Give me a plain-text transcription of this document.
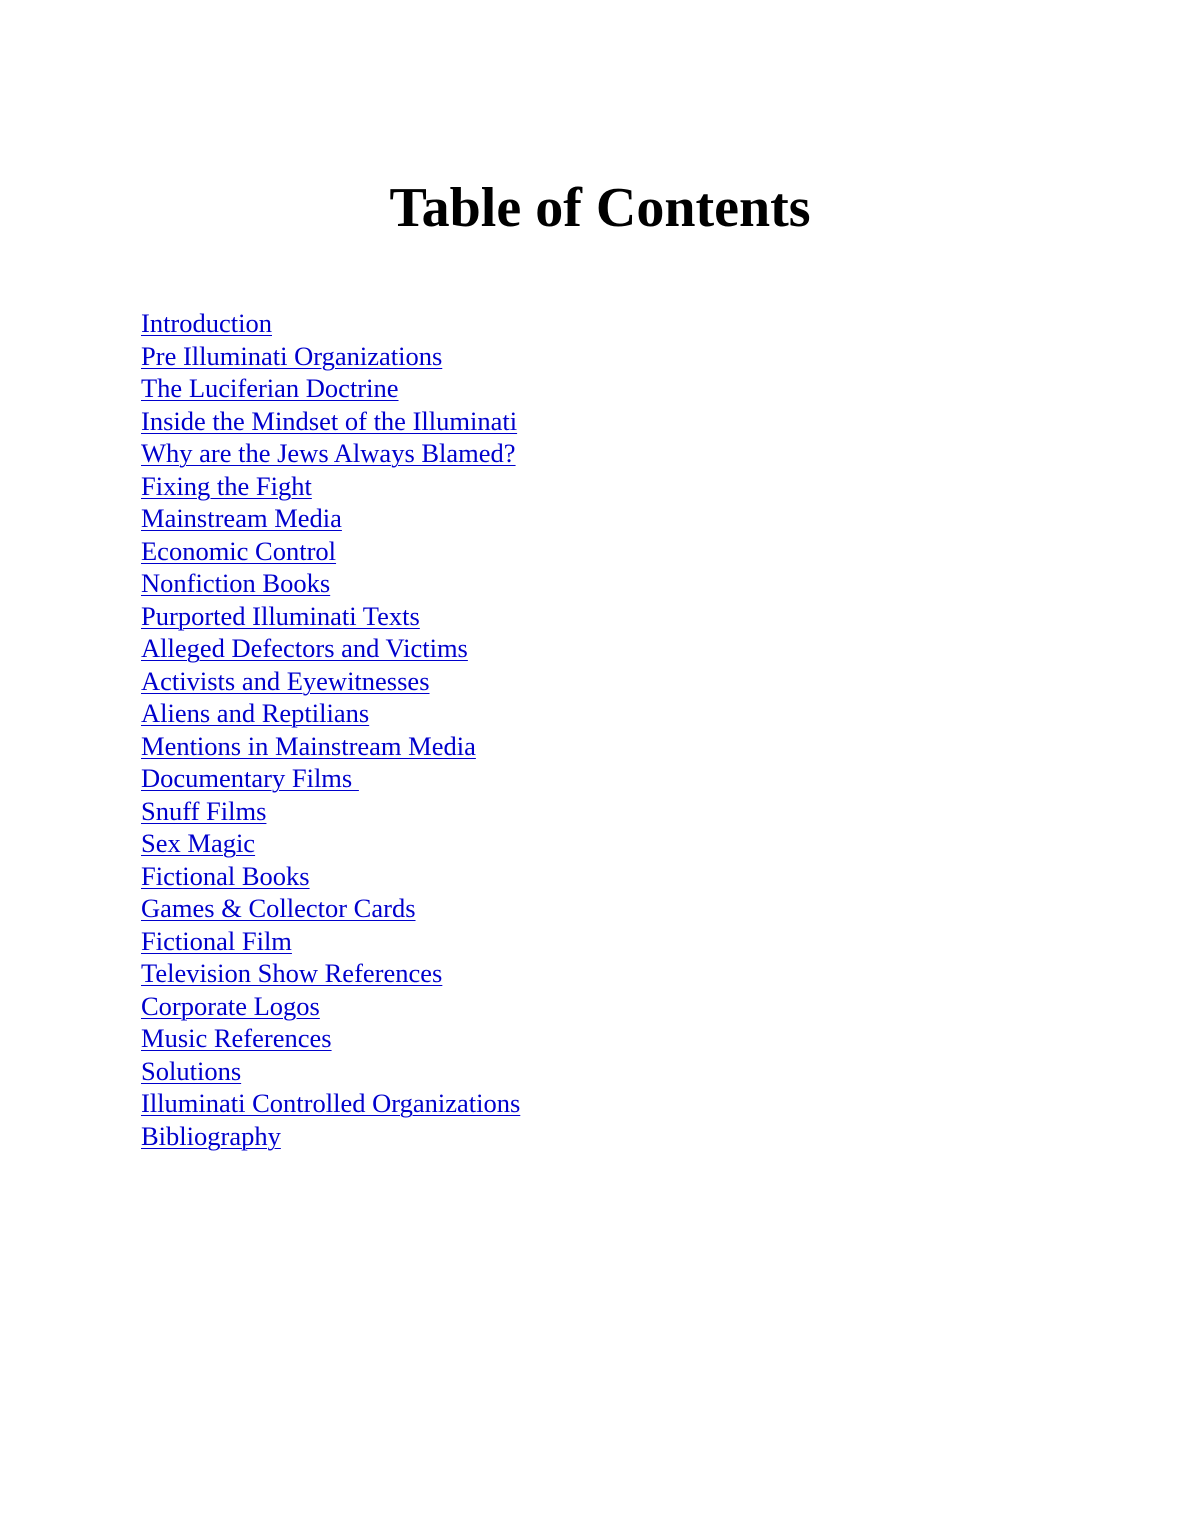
Table of Contents
Introduction
Pre Illuminati Organizations
The Luciferian Doctrine
Inside the Mindset of the Illuminati
Why are the Jews Always Blamed?
Fixing the Fight
Mainstream Media
Economic Control
Nonfiction Books
Purported Illuminati Texts
Alleged Defectors and Victims
Activists and Eyewitnesses
Aliens and Reptilians
Mentions in Mainstream Media
Documentary Films
Snuff Films
Sex Magic
Fictional Books
Games & Collector Cards
Fictional Film
Television Show References
Corporate Logos
Music References
Solutions
Illuminati Controlled Organizations
Bibliography
